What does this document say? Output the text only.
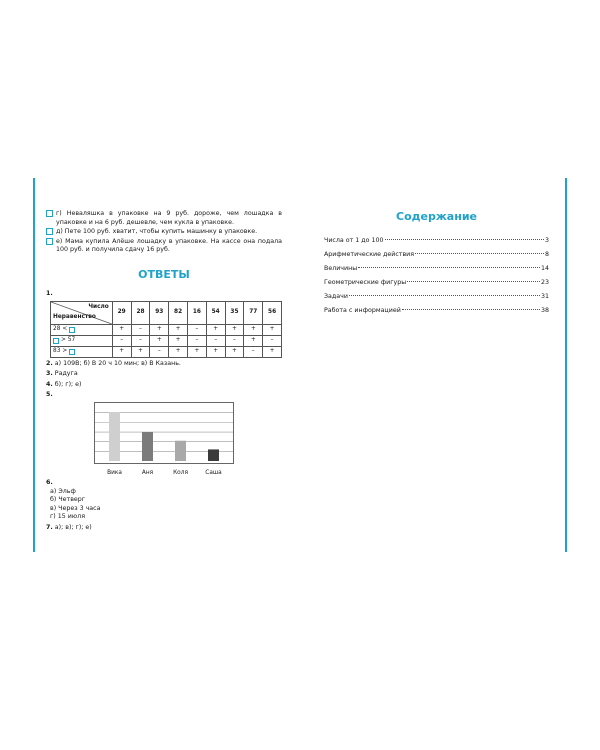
г) Неваляшка в упаковке на 9 руб. дороже, чем лошадка в упаковке и на 6 руб. дешевле, чем кукла в упаковке.
д) Пете 100 руб. хватит, чтобы купить машинку в упаковке.
е) Мама купила Алёше лошадку в упаковке. На кассе она подала 100 руб. и получила сдачу 16 руб.
ОТВЕТЫ
1.
Число
Неравенство	29	28	93	82	16	54	35	77	56

28 <	+	–	+	+	–	+	+	+	+

> 57	–	–	+	+	–	–	–	+	–

83 >	+	+	–	+	+	+	+	–	+
2. а) 109В; б) В 20 ч 10 мин; в) В Казань.
3. Радуга
4. б); г); е)
5.
Вика	Аня	Коля	Саша
6.
а) Эльф
б) Четверг
в) Через 3 часа
г) 15 июля
7. а); в); г); е)
Содержание
Числа от 1 до 100	3
Арифметические действия	8
Величины	14
Геометрические фигуры	23
Задачи	31
Работа с информацией	38
